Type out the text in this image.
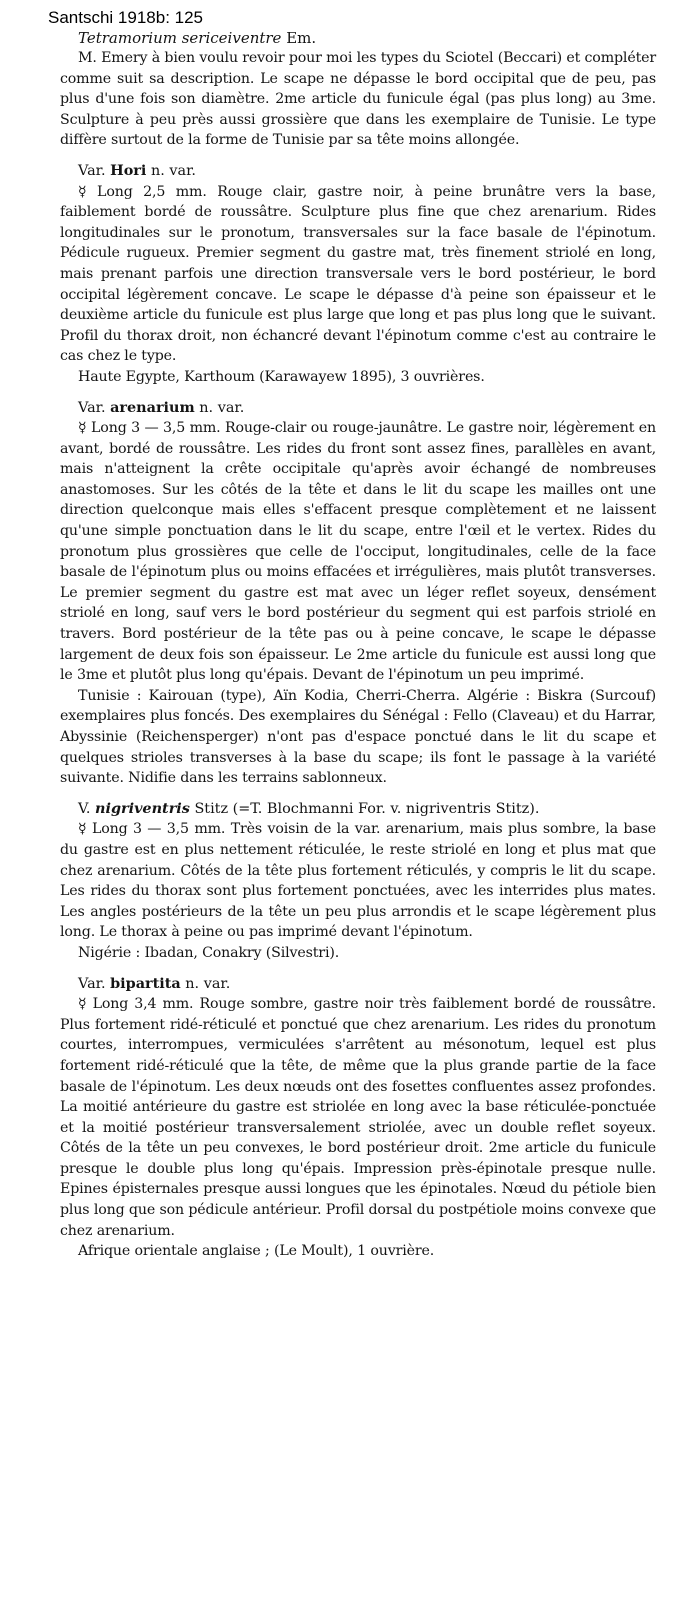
Santschi 1918b: 125
Tetramorium sericeiventre Em.

M. Emery à bien voulu revoir pour moi les types du Sciotel (Beccari) et compléter comme suit sa description. Le scape ne dépasse le bord occipital que de peu, pas plus d'une fois son diamètre. 2me article du funicule égal (pas plus long) au 3me. Sculpture à peu près aussi grossière que dans les exemplaire de Tunisie. Le type diffère surtout de la forme de Tunisie par sa tête moins allongée.

Var. Hori n. var.

☿ Long 2,5 mm. Rouge clair, gastre noir, à peine brunâtre vers la base, faiblement bordé de roussâtre. Sculpture plus fine que chez arenarium. Rides longitudinales sur le pronotum, transversales sur la face basale de l'épinotum. Pédicule rugueux. Premier segment du gastre mat, très finement striolé en long, mais prenant parfois une direction transversale vers le bord postérieur, le bord occipital légèrement concave. Le scape le dépasse d'à peine son épaisseur et le deuxième article du funicule est plus large que long et pas plus long que le suivant. Profil du thorax droit, non échancré devant l'épinotum comme c'est au contraire le cas chez le type.

Haute Egypte, Karthoum (Karawayew 1895), 3 ouvrières.

Var. arenarium n. var.

☿ Long 3 — 3,5 mm. Rouge-clair ou rouge-jaunâtre. Le gastre noir, légèrement en avant, bordé de roussâtre. Les rides du front sont assez fines, parallèles en avant, mais n'atteignent la crête occipitale qu'après avoir échangé de nombreuses anastomoses. Sur les côtés de la tête et dans le lit du scape les mailles ont une direction quelconque mais elles s'effacent presque complètement et ne laissent qu'une simple ponctuation dans le lit du scape, entre l'œil et le vertex. Rides du pronotum plus grossières que celle de l'occiput, longitudinales, celle de la face basale de l'épinotum plus ou moins effacées et irrégulières, mais plutôt transverses. Le premier segment du gastre est mat avec un léger reflet soyeux, densément striolé en long, sauf vers le bord postérieur du segment qui est parfois striolé en travers. Bord postérieur de la tête pas ou à peine concave, le scape le dépasse largement de deux fois son épaisseur. Le 2me article du funicule est aussi long que le 3me et plutôt plus long qu'épais. Devant de l'épinotum un peu imprimé.

Tunisie : Kairouan (type), Aïn Kodia, Cherri-Cherra. Algérie : Biskra (Surcouf) exemplaires plus foncés. Des exemplaires du Sénégal : Fello (Claveau) et du Harrar, Abyssinie (Reichensperger) n'ont pas d'espace ponctué dans le lit du scape et quelques strioles transverses à la base du scape; ils font le passage à la variété suivante. Nidifie dans les terrains sablonneux.

V. nigriventris Stitz (=T. Blochmanni For. v. nigriventris Stitz).

☿ Long 3 — 3,5 mm. Très voisin de la var. arenarium, mais plus sombre, la base du gastre est en plus nettement réticulée, le reste striolé en long et plus mat que chez arenarium. Côtés de la tête plus fortement réticulés, y compris le lit du scape. Les rides du thorax sont plus fortement ponctuées, avec les interrides plus mates. Les angles postérieurs de la tête un peu plus arrondis et le scape légèrement plus long. Le thorax à peine ou pas imprimé devant l'épinotum.

Nigérie : Ibadan, Conakry (Silvestri).

Var. bipartita n. var.

☿ Long 3,4 mm. Rouge sombre, gastre noir très faiblement bordé de roussâtre. Plus fortement ridé-réticulé et ponctué que chez arenarium. Les rides du pronotum courtes, interrompues, vermiculées s'arrêtent au mésonotum, lequel est plus fortement ridé-réticulé que la tête, de même que la plus grande partie de la face basale de l'épinotum. Les deux nœuds ont des fosettes confluentes assez profondes. La moitié antérieure du gastre est striolée en long avec la base réticulée-ponctuée et la moitié postérieur transversalement striolée, avec un double reflet soyeux. Côtés de la tête un peu convexes, le bord postérieur droit. 2me article du funicule presque le double plus long qu'épais. Impression près-épinotale presque nulle. Epines épisternales presque aussi longues que les épinotales. Nœud du pétiole bien plus long que son pédicule antérieur. Profil dorsal du postpétiole moins convexe que chez arenarium.

Afrique orientale anglaise ; (Le Moult), 1 ouvrière.
